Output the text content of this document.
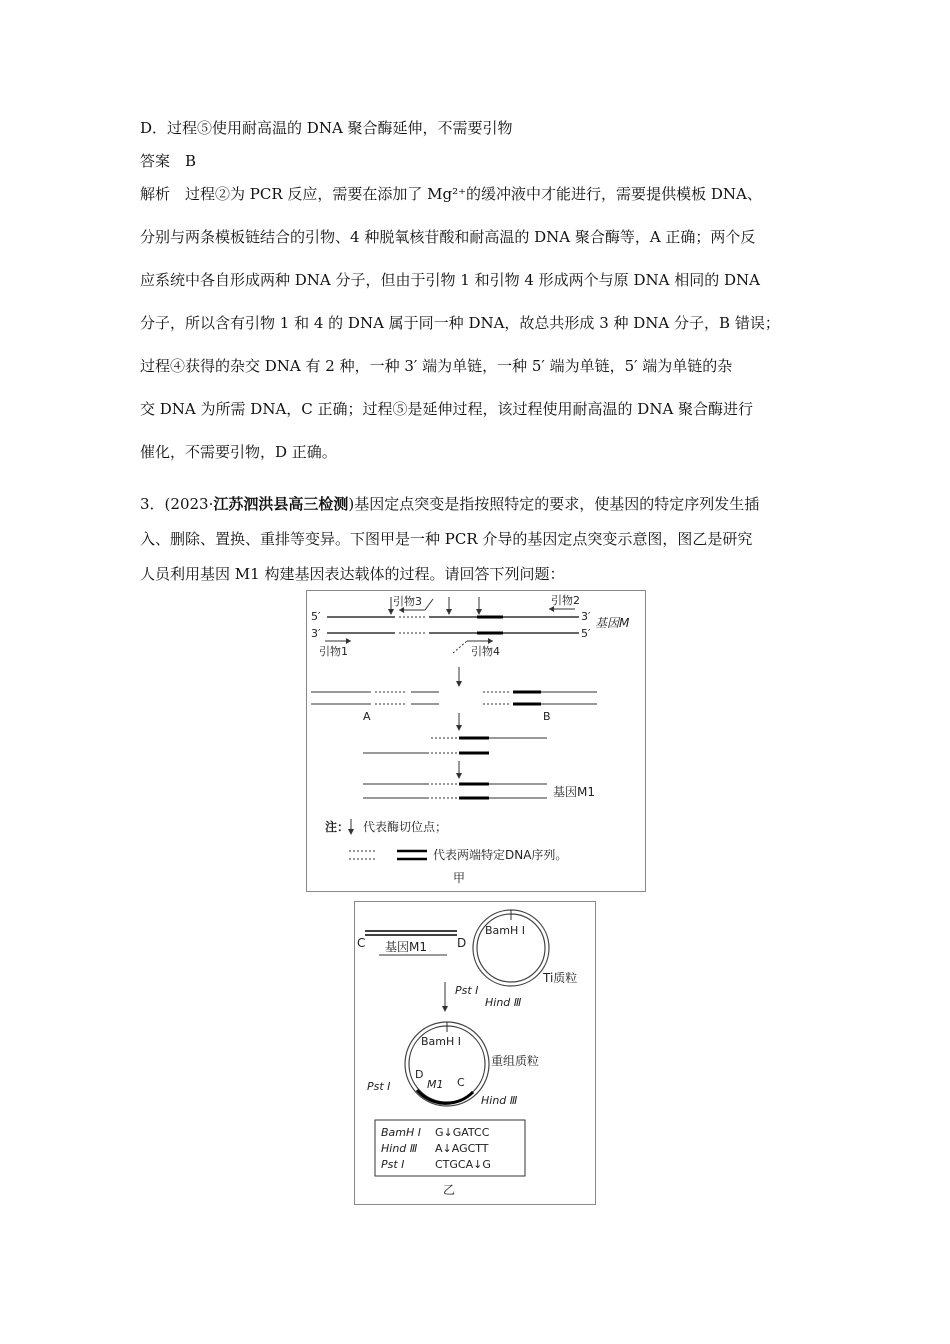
D．过程⑤使用耐高温的 DNA 聚合酶延伸，不需要引物
答案　B
解析　过程②为 PCR 反应，需要在添加了 Mg²⁺的缓冲液中才能进行，需要提供模板 DNA、
分别与两条模板链结合的引物、4 种脱氧核苷酸和耐高温的 DNA 聚合酶等，A 正确；两个反
应系统中各自形成两种 DNA 分子，但由于引物 1 和引物 4 形成两个与原 DNA 相同的 DNA
分子，所以含有引物 1 和 4 的 DNA 属于同一种 DNA，故总共形成 3 种 DNA 分子，B 错误；
过程④获得的杂交 DNA 有 2 种，一种 3′ 端为单链，一种 5′ 端为单链，5′ 端为单链的杂
交 DNA 为所需 DNA，C 正确；过程⑤是延伸过程，该过程使用耐高温的 DNA 聚合酶进行
催化，不需要引物，D 正确。
3．(2023·江苏泗洪县高三检测)基因定点突变是指按照特定的要求，使基因的特定序列发生插
入、删除、置换、重排等变异。下图甲是一种 PCR 介导的基因定点突变示意图，图乙是研究
人员利用基因 M1 构建基因表达载体的过程。请回答下列问题：
5′
3′
3′
5′
基因M
引物3	引物2
引物1	引物4
A	B
基因M1
注： 代表酶切位点；
代表两端特定DNA序列。
甲
C	D
基因M1
BamH Ⅰ
Ti质粒
Pst Ⅰ
Hind Ⅲ
BamH Ⅰ
重组质粒
D
C
M1
Pst Ⅰ
Hind Ⅲ
BamH Ⅰ G↓GATCC
Hind Ⅲ A↓AGCTT
Pst Ⅰ	CTGCA↓G
乙
